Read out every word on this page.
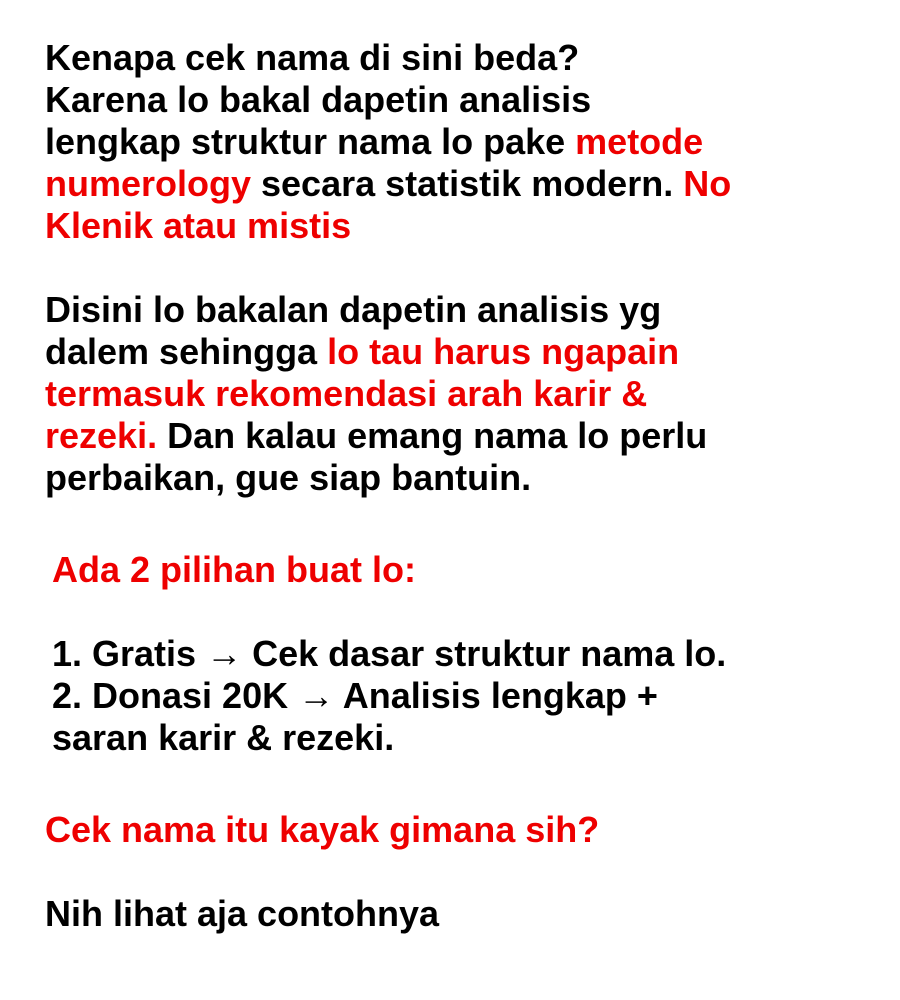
Kenapa cek nama di sini beda?
Karena lo bakal dapetin analisis
lengkap struktur nama lo pake metode
numerology secara statistik modern. No
Klenik atau mistis
Disini lo bakalan dapetin analisis yg
dalem sehingga lo tau harus ngapain
termasuk rekomendasi arah karir &
rezeki. Dan kalau emang nama lo perlu
perbaikan, gue siap bantuin.
Ada 2 pilihan buat lo:
1. Gratis → Cek dasar struktur nama lo.
2. Donasi 20K → Analisis lengkap +
saran karir & rezeki.
Cek nama itu kayak gimana sih?
Nih lihat aja contohnya
